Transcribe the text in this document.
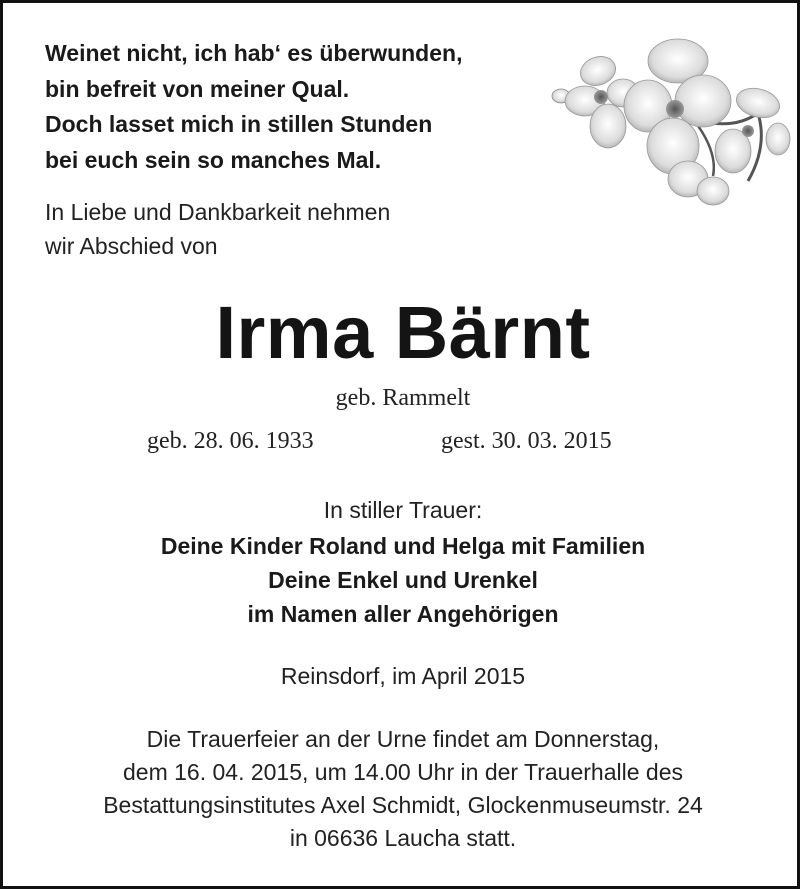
Weinet nicht, ich hab‘ es überwunden,
bin befreit von meiner Qual.
Doch lasset mich in stillen Stunden
bei euch sein so manches Mal.
In Liebe und Dankbarkeit nehmen
wir Abschied von
Irma Bärnt
geb. Rammelt
geb. 28. 06. 1933	gest. 30. 03. 2015
In stiller Trauer:
Deine Kinder Roland und Helga mit Familien
Deine Enkel und Urenkel
im Namen aller Angehörigen
Reinsdorf, im April 2015
Die Trauerfeier an der Urne findet am Donnerstag,
dem 16. 04. 2015, um 14.00 Uhr in der Trauerhalle des
Bestattungsinstitutes Axel Schmidt, Glockenmuseumstr. 24
in 06636 Laucha statt.
